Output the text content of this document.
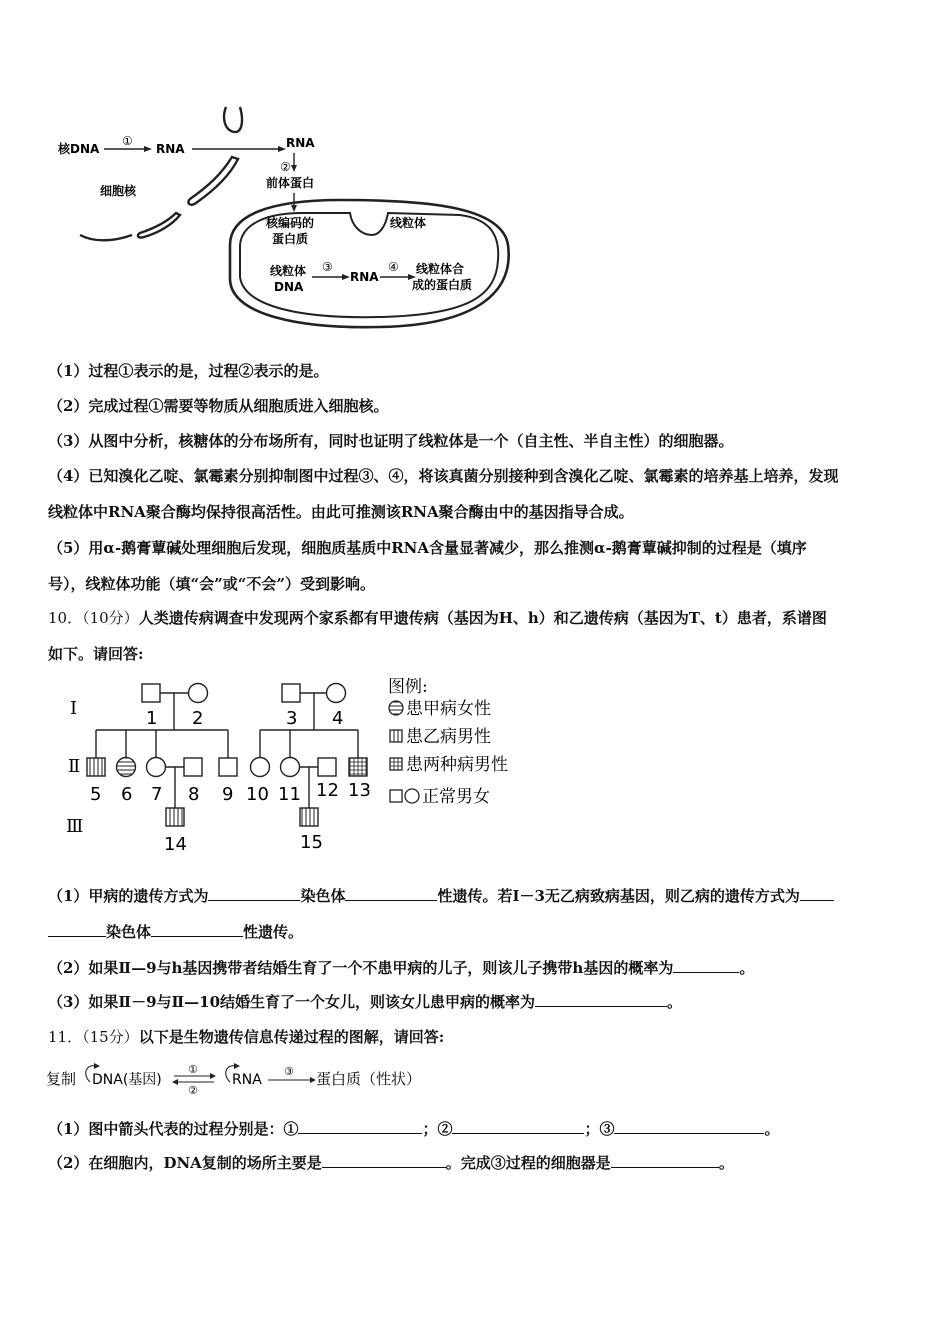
核DNA
①
RNA	RNA
②
前体蛋白
细胞核
核编码的
蛋白质
线粒体
线粒体
DNA
③
RNA
④ 线粒体合
成的蛋白质
（1）过程①表示的是，过程②表示的是。
（2）完成过程①需要等物质从细胞质进入细胞核。
（3）从图中分析，核糖体的分布场所有，同时也证明了线粒体是一个（自主性、半自主性）的细胞器。
（4）已知溴化乙啶、氯霉素分别抑制图中过程③、④，将该真菌分别接种到含溴化乙啶、氯霉素的培养基上培养，发现
线粒体中RNA聚合酶均保持很高活性。由此可推测该RNA聚合酶由中的基因指导合成。
（5）用α-鹅膏蕈碱处理细胞后发现，细胞质基质中RNA含量显著减少，那么推测α-鹅膏蕈碱抑制的过程是（填序
号），线粒体功能（填“会”或“不会”）受到影响。
10．（10分）人类遗传病调查中发现两个家系都有甲遗传病（基因为H、h）和乙遗传病（基因为T、t）患者，系谱图
如下。请回答:
Ⅰ
Ⅱ
Ⅲ
1 2	3 4
5 6 7 8 9 10 11 12 13
14	15
图例:
患甲病女性
患乙病男性
患两种病男性
正常男女
（1）甲病的遗传方式为	染色体	性遗传。若Ⅰ－3无乙病致病基因，则乙病的遗传方式为
染色体	性遗传。
（2）如果Ⅱ—9与h基因携带者结婚生育了一个不患甲病的儿子，则该儿子携带h基因的概率为	。
（3）如果Ⅱ－9与Ⅱ—10结婚生育了一个女儿，则该女儿患甲病的概率为	。
11．（15分）以下是生物遗传信息传递过程的图解，请回答:
复制 DNA(基因)
①
②
RNA
③ 蛋白质（性状）
（1）图中箭头代表的过程分别是：①	；②	；③	。
（2）在细胞内，DNA复制的场所主要是	。完成③过程的细胞器是	。
